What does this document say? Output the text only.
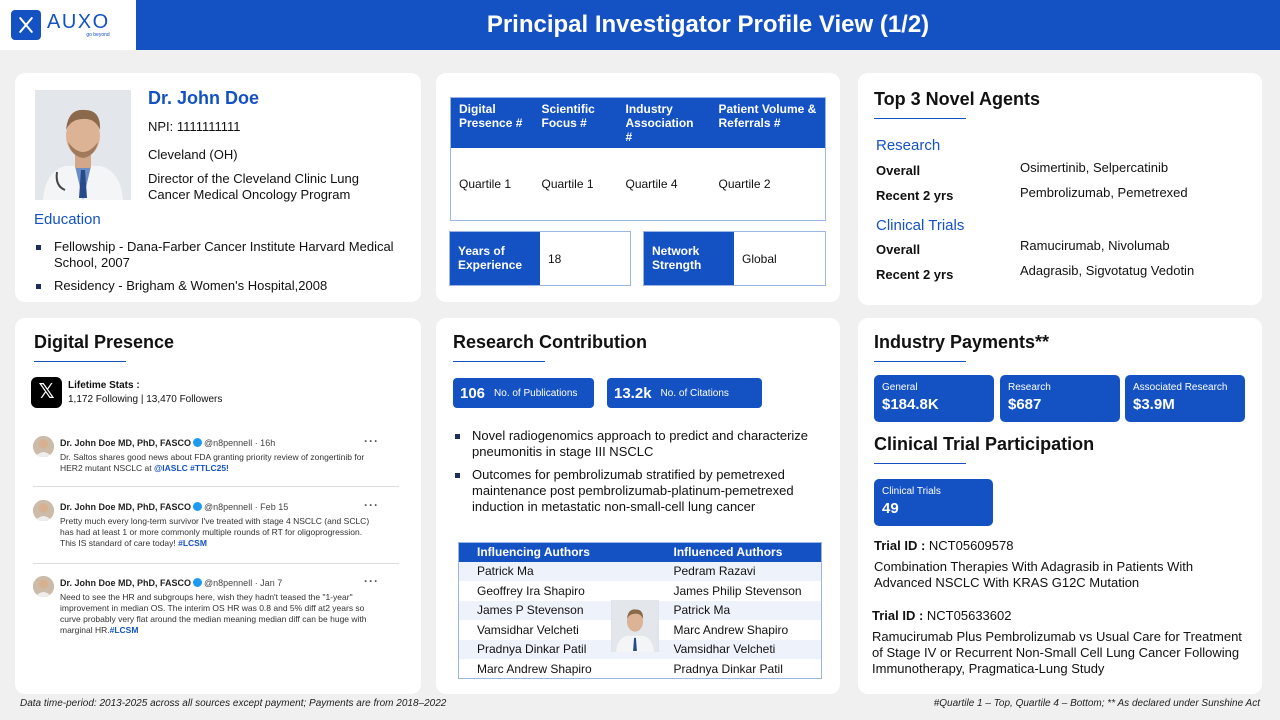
AUXO
go beyond	Principal Investigator Profile View (1/2)
Dr. John Doe
NPI: 1111111111
Cleveland (OH)
Director of the Cleveland Clinic Lung Cancer Medical Oncology Program
Education
Fellowship - Dana-Farber Cancer Institute Harvard Medical School, 2007
Residency - Brigham & Women's Hospital,2008
Digital Presence #	Scientific Focus #	Industry Association #	Patient Volume & Referrals #
Quartile 1	Quartile 1	Quartile 4	Quartile 2
Years of Experience	18
Network Strength	Global
Top 3 Novel Agents
Research
Overall	Osimertinib, Selpercatinib
Recent 2 yrs	Pembrolizumab, Pemetrexed
Clinical Trials
Overall	Ramucirumab, Nivolumab
Recent 2 yrs	Adagrasib, Sigvotatug Vedotin
Digital Presence
𝕏	Lifetime Stats :
1,172 Following | 13,470 Followers
Dr. John Doe MD, PhD, FASCO @n8pennell · 16h	···
Dr. Saltos shares good news about FDA granting priority review of zongertinib for HER2 mutant NSCLC at @IASLC #TTLC25!
Dr. John Doe MD, PhD, FASCO @n8pennell · Feb 15	···
Pretty much every long-term survivor I've treated with stage 4 NSCLC (and SCLC) has had at least 1 or more commonly multiple rounds of RT for oligoprogression. This IS standard of care today! #LCSM
Dr. John Doe MD, PhD, FASCO @n8pennell · Jan 7	···
Need to see the HR and subgroups here, wish they hadn't teased the "1-year" improvement in median OS. The interim OS HR was 0.8 and 5% diff at2 years so curve probably very flat around the median meaning median diff can be huge with marginal HR.#LCSM
Research Contribution
106 No. of Publications 13.2k No. of Citations
Novel radiogenomics approach to predict and characterize pneumonitis in stage III NSCLC
Outcomes for pembrolizumab stratified by pemetrexed maintenance post pembrolizumab-platinum-pemetrexed induction in metastatic non-small-cell lung cancer
Influencing Authors	Influenced Authors
Patrick Ma	Pedram Razavi
Geoffrey Ira Shapiro	James Philip Stevenson
James P Stevenson	Patrick Ma
Vamsidhar Velcheti	Marc Andrew Shapiro
Pradnya Dinkar Patil	Vamsidhar Velcheti
Marc Andrew Shapiro	Pradnya Dinkar Patil
Industry Payments**
General
$184.8K
Research
$687
Associated Research
$3.9M
Clinical Trial Participation
Clinical Trials
49
Trial ID : NCT05609578
Combination Therapies With Adagrasib in Patients With Advanced NSCLC With KRAS G12C Mutation
Trial ID : NCT05633602
Ramucirumab Plus Pembrolizumab vs Usual Care for Treatment of Stage IV or Recurrent Non-Small Cell Lung Cancer Following Immunotherapy, Pragmatica-Lung Study
Data time-period: 2013-2025 across all sources except payment; Payments are from 2018–2022	#Quartile 1 – Top, Quartile 4 – Bottom; ** As declared under Sunshine Act
